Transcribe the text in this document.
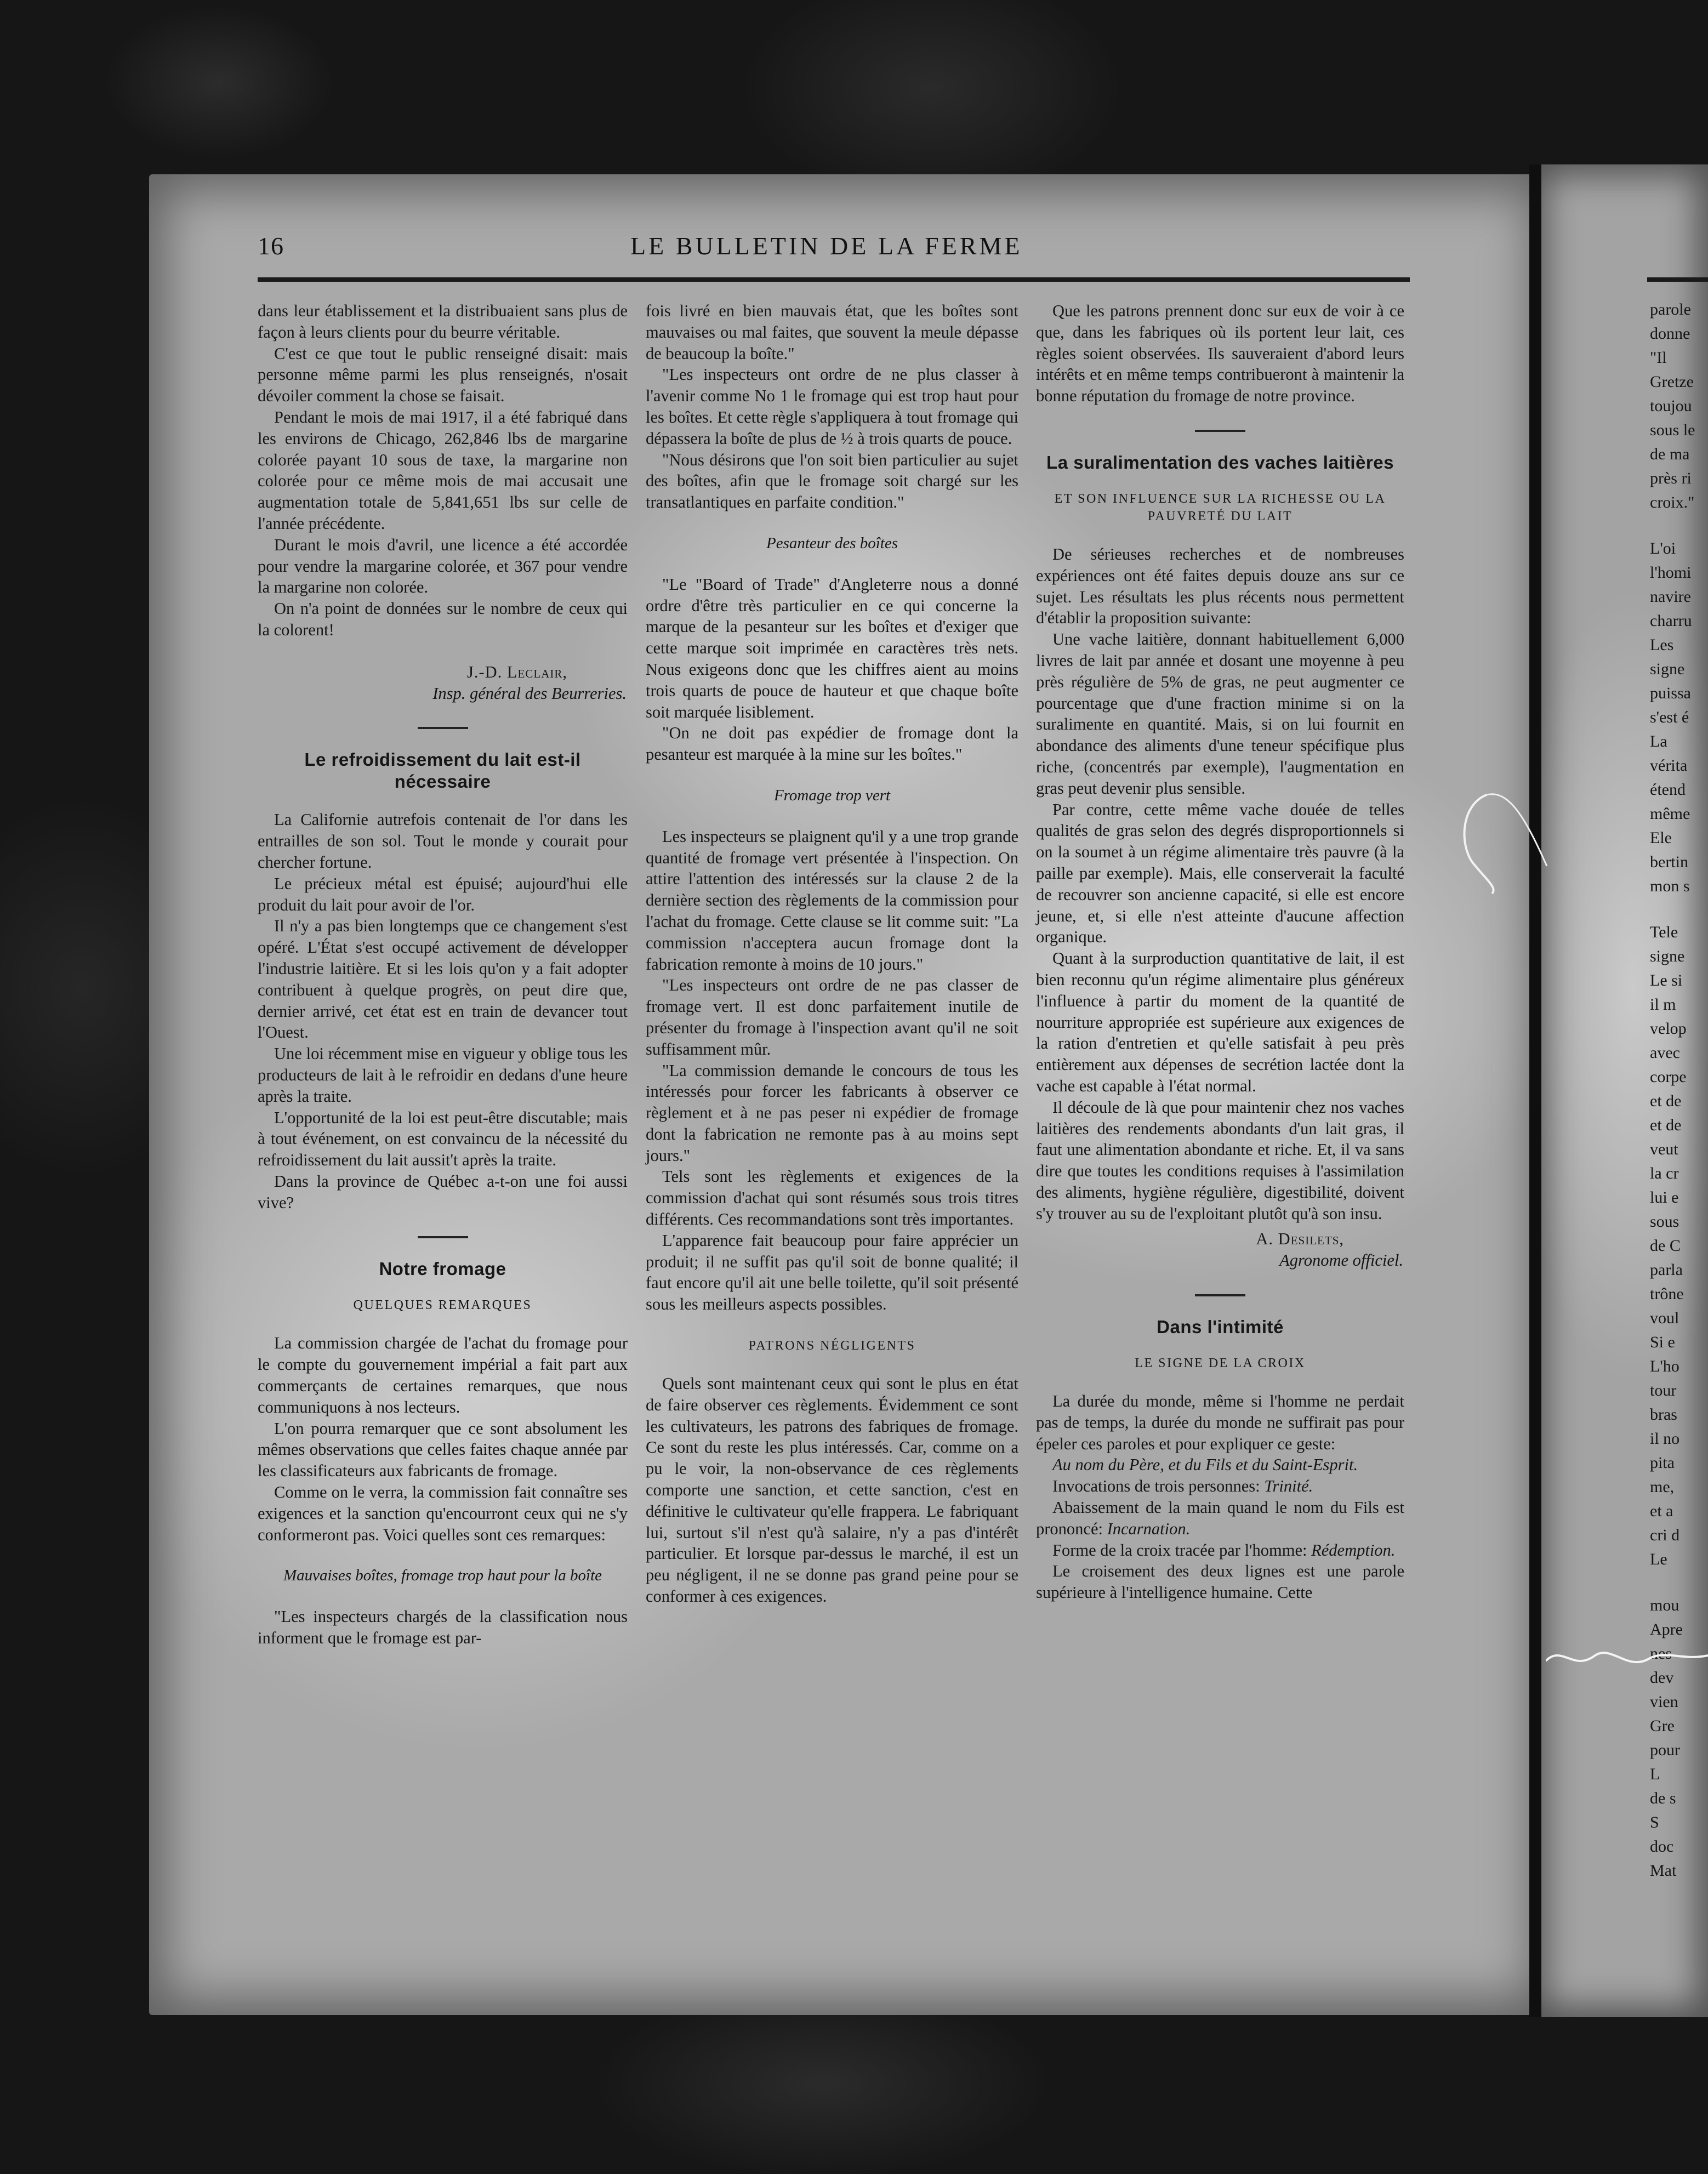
parole
donne
"Il
Gretze
toujou
sous le
de ma
près ri
croix."
L'oi
l'homi
navire
charru
Les
signe
puissa
s'est é
La
vérita
étend
même
Ele
bertin
mon s
Tele
signe
Le si
il m
velop
avec
corpe
et de
et de
veut
la cr
lui e
sous
de C
parla
trône
voul
Si e
L'ho
tour
bras
il no
pita
me,
et a
cri d
Le
mou
Apre
nes
dev
vien
Gre
pour
L
de s
S
doc
Mat
16	LE BULLETIN DE LA FERME

dans leur établissement et la distribuaient sans plus de façon à leurs clients pour du beurre véritable.

C'est ce que tout le public renseigné disait: mais personne même parmi les plus renseignés, n'osait dévoiler comment la chose se faisait.

Pendant le mois de mai 1917, il a été fabriqué dans les environs de Chicago, 262,846 lbs de margarine colorée payant 10 sous de taxe, la margarine non colorée pour ce même mois de mai accusait une augmentation totale de 5,841,651 lbs sur celle de l'année précédente.

Durant le mois d'avril, une licence a été accordée pour vendre la margarine colorée, et 367 pour vendre la margarine non colorée.

On n'a point de données sur le nombre de ceux qui la colorent!

J.-D. Leclair,

Insp. général des Beurreries.

Le refroidissement du lait est-il nécessaire

La Californie autrefois contenait de l'or dans les entrailles de son sol. Tout le monde y courait pour chercher fortune.

Le précieux métal est épuisé; aujourd'hui elle produit du lait pour avoir de l'or.

Il n'y a pas bien longtemps que ce changement s'est opéré. L'État s'est occupé activement de développer l'industrie laitière. Et si les lois qu'on y a fait adopter contribuent à quelque progrès, on peut dire que, dernier arrivé, cet état est en train de devancer tout l'Ouest.

Une loi récemment mise en vigueur y oblige tous les producteurs de lait à le refroidir en dedans d'une heure après la traite.

L'opportunité de la loi est peut-être discutable; mais à tout événement, on est convaincu de la nécessité du refroidissement du lait aussit't après la traite.

Dans la province de Québec a-t-on une foi aussi vive?

Notre fromage
QUELQUES REMARQUES

La commission chargée de l'achat du fromage pour le compte du gouvernement impérial a fait part aux commerçants de certaines remarques, que nous communiquons à nos lecteurs.

L'on pourra remarquer que ce sont absolument les mêmes observations que celles faites chaque année par les classificateurs aux fabricants de fromage.

Comme on le verra, la commission fait connaître ses exigences et la sanction qu'encourront ceux qui ne s'y conformeront pas. Voici quelles sont ces remarques:

Mauvaises boîtes, fromage trop haut pour la boîte

"Les inspecteurs chargés de la classification nous informent que le fromage est par-

fois livré en bien mauvais état, que les boîtes sont mauvaises ou mal faites, que souvent la meule dépasse de beaucoup la boîte."

"Les inspecteurs ont ordre de ne plus classer à l'avenir comme No 1 le fromage qui est trop haut pour les boîtes. Et cette règle s'appliquera à tout fromage qui dépassera la boîte de plus de ½ à trois quarts de pouce.

"Nous désirons que l'on soit bien particulier au sujet des boîtes, afin que le fromage soit chargé sur les transatlantiques en parfaite condition."

Pesanteur des boîtes

"Le "Board of Trade" d'Angleterre nous a donné ordre d'être très particulier en ce qui concerne la marque de la pesanteur sur les boîtes et d'exiger que cette marque soit imprimée en caractères très nets. Nous exigeons donc que les chiffres aient au moins trois quarts de pouce de hauteur et que chaque boîte soit marquée lisiblement.

"On ne doit pas expédier de fromage dont la pesanteur est marquée à la mine sur les boîtes."

Fromage trop vert

Les inspecteurs se plaignent qu'il y a une trop grande quantité de fromage vert présentée à l'inspection. On attire l'attention des intéressés sur la clause 2 de la dernière section des règlements de la commission pour l'achat du fromage. Cette clause se lit comme suit: "La commission n'acceptera aucun fromage dont la fabrication remonte à moins de 10 jours."

"Les inspecteurs ont ordre de ne pas classer de fromage vert. Il est donc parfaitement inutile de présenter du fromage à l'inspection avant qu'il ne soit suffisamment mûr.

"La commission demande le concours de tous les intéressés pour forcer les fabricants à observer ce règlement et à ne pas peser ni expédier de fromage dont la fabrication ne remonte pas à au moins sept jours."

Tels sont les règlements et exigences de la commission d'achat qui sont résumés sous trois titres différents. Ces recommandations sont très importantes.

L'apparence fait beaucoup pour faire apprécier un produit; il ne suffit pas qu'il soit de bonne qualité; il faut encore qu'il ait une belle toilette, qu'il soit présenté sous les meilleurs aspects possibles.

PATRONS NÉGLIGENTS

Quels sont maintenant ceux qui sont le plus en état de faire observer ces règlements. Évidemment ce sont les cultivateurs, les patrons des fabriques de fromage. Ce sont du reste les plus intéressés. Car, comme on a pu le voir, la non-observance de ces règlements comporte une sanction, et cette sanction, c'est en définitive le cultivateur qu'elle frappera. Le fabriquant lui, surtout s'il n'est qu'à salaire, n'y a pas d'intérêt particulier. Et lorsque par-dessus le marché, il est un peu négligent, il ne se donne pas grand peine pour se conformer à ces exigences.

Que les patrons prennent donc sur eux de voir à ce que, dans les fabriques où ils portent leur lait, ces règles soient observées. Ils sauveraient d'abord leurs intérêts et en même temps contribueront à maintenir la bonne réputation du fromage de notre province.

La suralimentation des vaches laitières
ET SON INFLUENCE SUR LA RICHESSE OU LA PAUVRETÉ DU LAIT

De sérieuses recherches et de nombreuses expériences ont été faites depuis douze ans sur ce sujet. Les résultats les plus récents nous permettent d'établir la proposition suivante:

Une vache laitière, donnant habituellement 6,000 livres de lait par année et dosant une moyenne à peu près régulière de 5% de gras, ne peut augmenter ce pourcentage que d'une fraction minime si on la suralimente en quantité. Mais, si on lui fournit en abondance des aliments d'une teneur spécifique plus riche, (concentrés par exemple), l'augmentation en gras peut devenir plus sensible.

Par contre, cette même vache douée de telles qualités de gras selon des degrés disproportionnels si on la soumet à un régime alimentaire très pauvre (à la paille par exemple). Mais, elle conserverait la faculté de recouvrer son ancienne capacité, si elle est encore jeune, et, si elle n'est atteinte d'aucune affection organique.

Quant à la surproduction quantitative de lait, il est bien reconnu qu'un régime alimentaire plus généreux l'influence à partir du moment de la quantité de nourriture appropriée est supérieure aux exigences de la ration d'entretien et qu'elle satisfait à peu près entièrement aux dépenses de secrétion lactée dont la vache est capable à l'état normal.

Il découle de là que pour maintenir chez nos vaches laitières des rendements abondants d'un lait gras, il faut une alimentation abondante et riche. Et, il va sans dire que toutes les conditions requises à l'assimilation des aliments, hygiène régulière, digestibilité, doivent s'y trouver au su de l'exploitant plutôt qu'à son insu.

A. Desilets,

Agronome officiel.

Dans l'intimité
LE SIGNE DE LA CROIX

La durée du monde, même si l'homme ne perdait pas de temps, la durée du monde ne suffirait pas pour épeler ces paroles et pour expliquer ce geste:

Au nom du Père, et du Fils et du Saint-Esprit.

Invocations de trois personnes: Trinité.

Abaissement de la main quand le nom du Fils est prononcé: Incarnation.

Forme de la croix tracée par l'homme: Rédemption.

Le croisement des deux lignes est une parole supérieure à l'intelligence humaine. Cette
